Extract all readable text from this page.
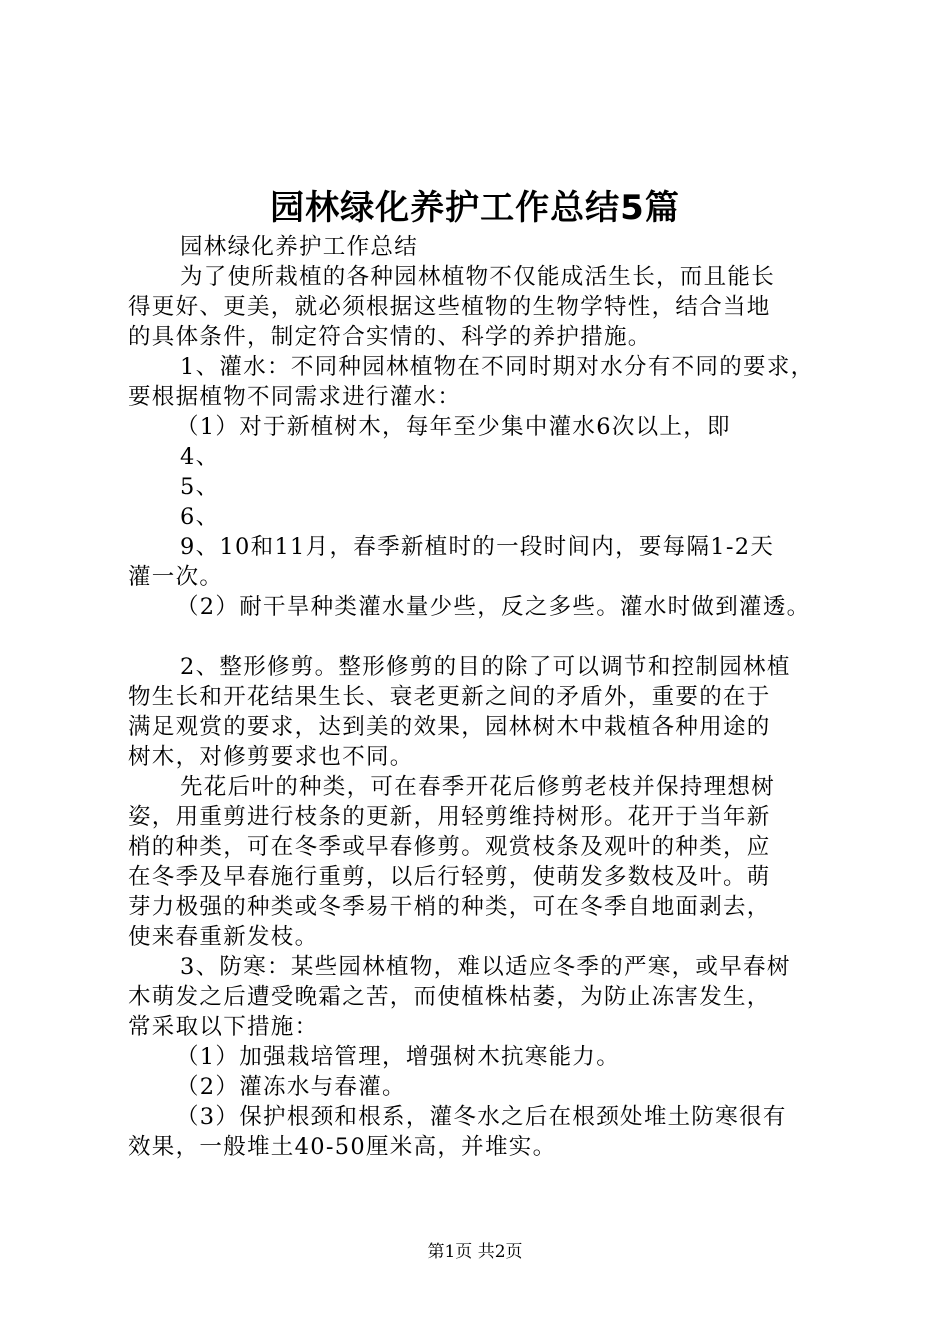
园林绿化养护工作总结5篇

园林绿化养护工作总结

为了使所栽植的各种园林植物不仅能成活生长，而且能长

得更好、更美，就必须根据这些植物的生物学特性，结合当地

的具体条件，制定符合实情的、科学的养护措施。

1、灌水：不同种园林植物在不同时期对水分有不同的要求，

要根据植物不同需求进行灌水：

（1）对于新植树木，每年至少集中灌水6次以上，即

4、

5、

6、

9、10和11月，春季新植时的一段时间内，要每隔1-2天

灌一次。

（2）耐干旱种类灌水量少些，反之多些。灌水时做到灌透。

2、整形修剪。整形修剪的目的除了可以调节和控制园林植

物生长和开花结果生长、衰老更新之间的矛盾外，重要的在于

满足观赏的要求，达到美的效果，园林树木中栽植各种用途的

树木，对修剪要求也不同。

先花后叶的种类，可在春季开花后修剪老枝并保持理想树

姿，用重剪进行枝条的更新，用轻剪维持树形。花开于当年新

梢的种类，可在冬季或早春修剪。观赏枝条及观叶的种类，应

在冬季及早春施行重剪，以后行轻剪，使萌发多数枝及叶。萌

芽力极强的种类或冬季易干梢的种类，可在冬季自地面剥去，

使来春重新发枝。

3、防寒：某些园林植物，难以适应冬季的严寒，或早春树

木萌发之后遭受晚霜之苦，而使植株枯萎，为防止冻害发生，

常采取以下措施：

（1）加强栽培管理，增强树木抗寒能力。

（2）灌冻水与春灌。

（3）保护根颈和根系，灌冬水之后在根颈处堆土防寒很有

效果，一般堆土40-50厘米高，并堆实。

第1页 共2页
